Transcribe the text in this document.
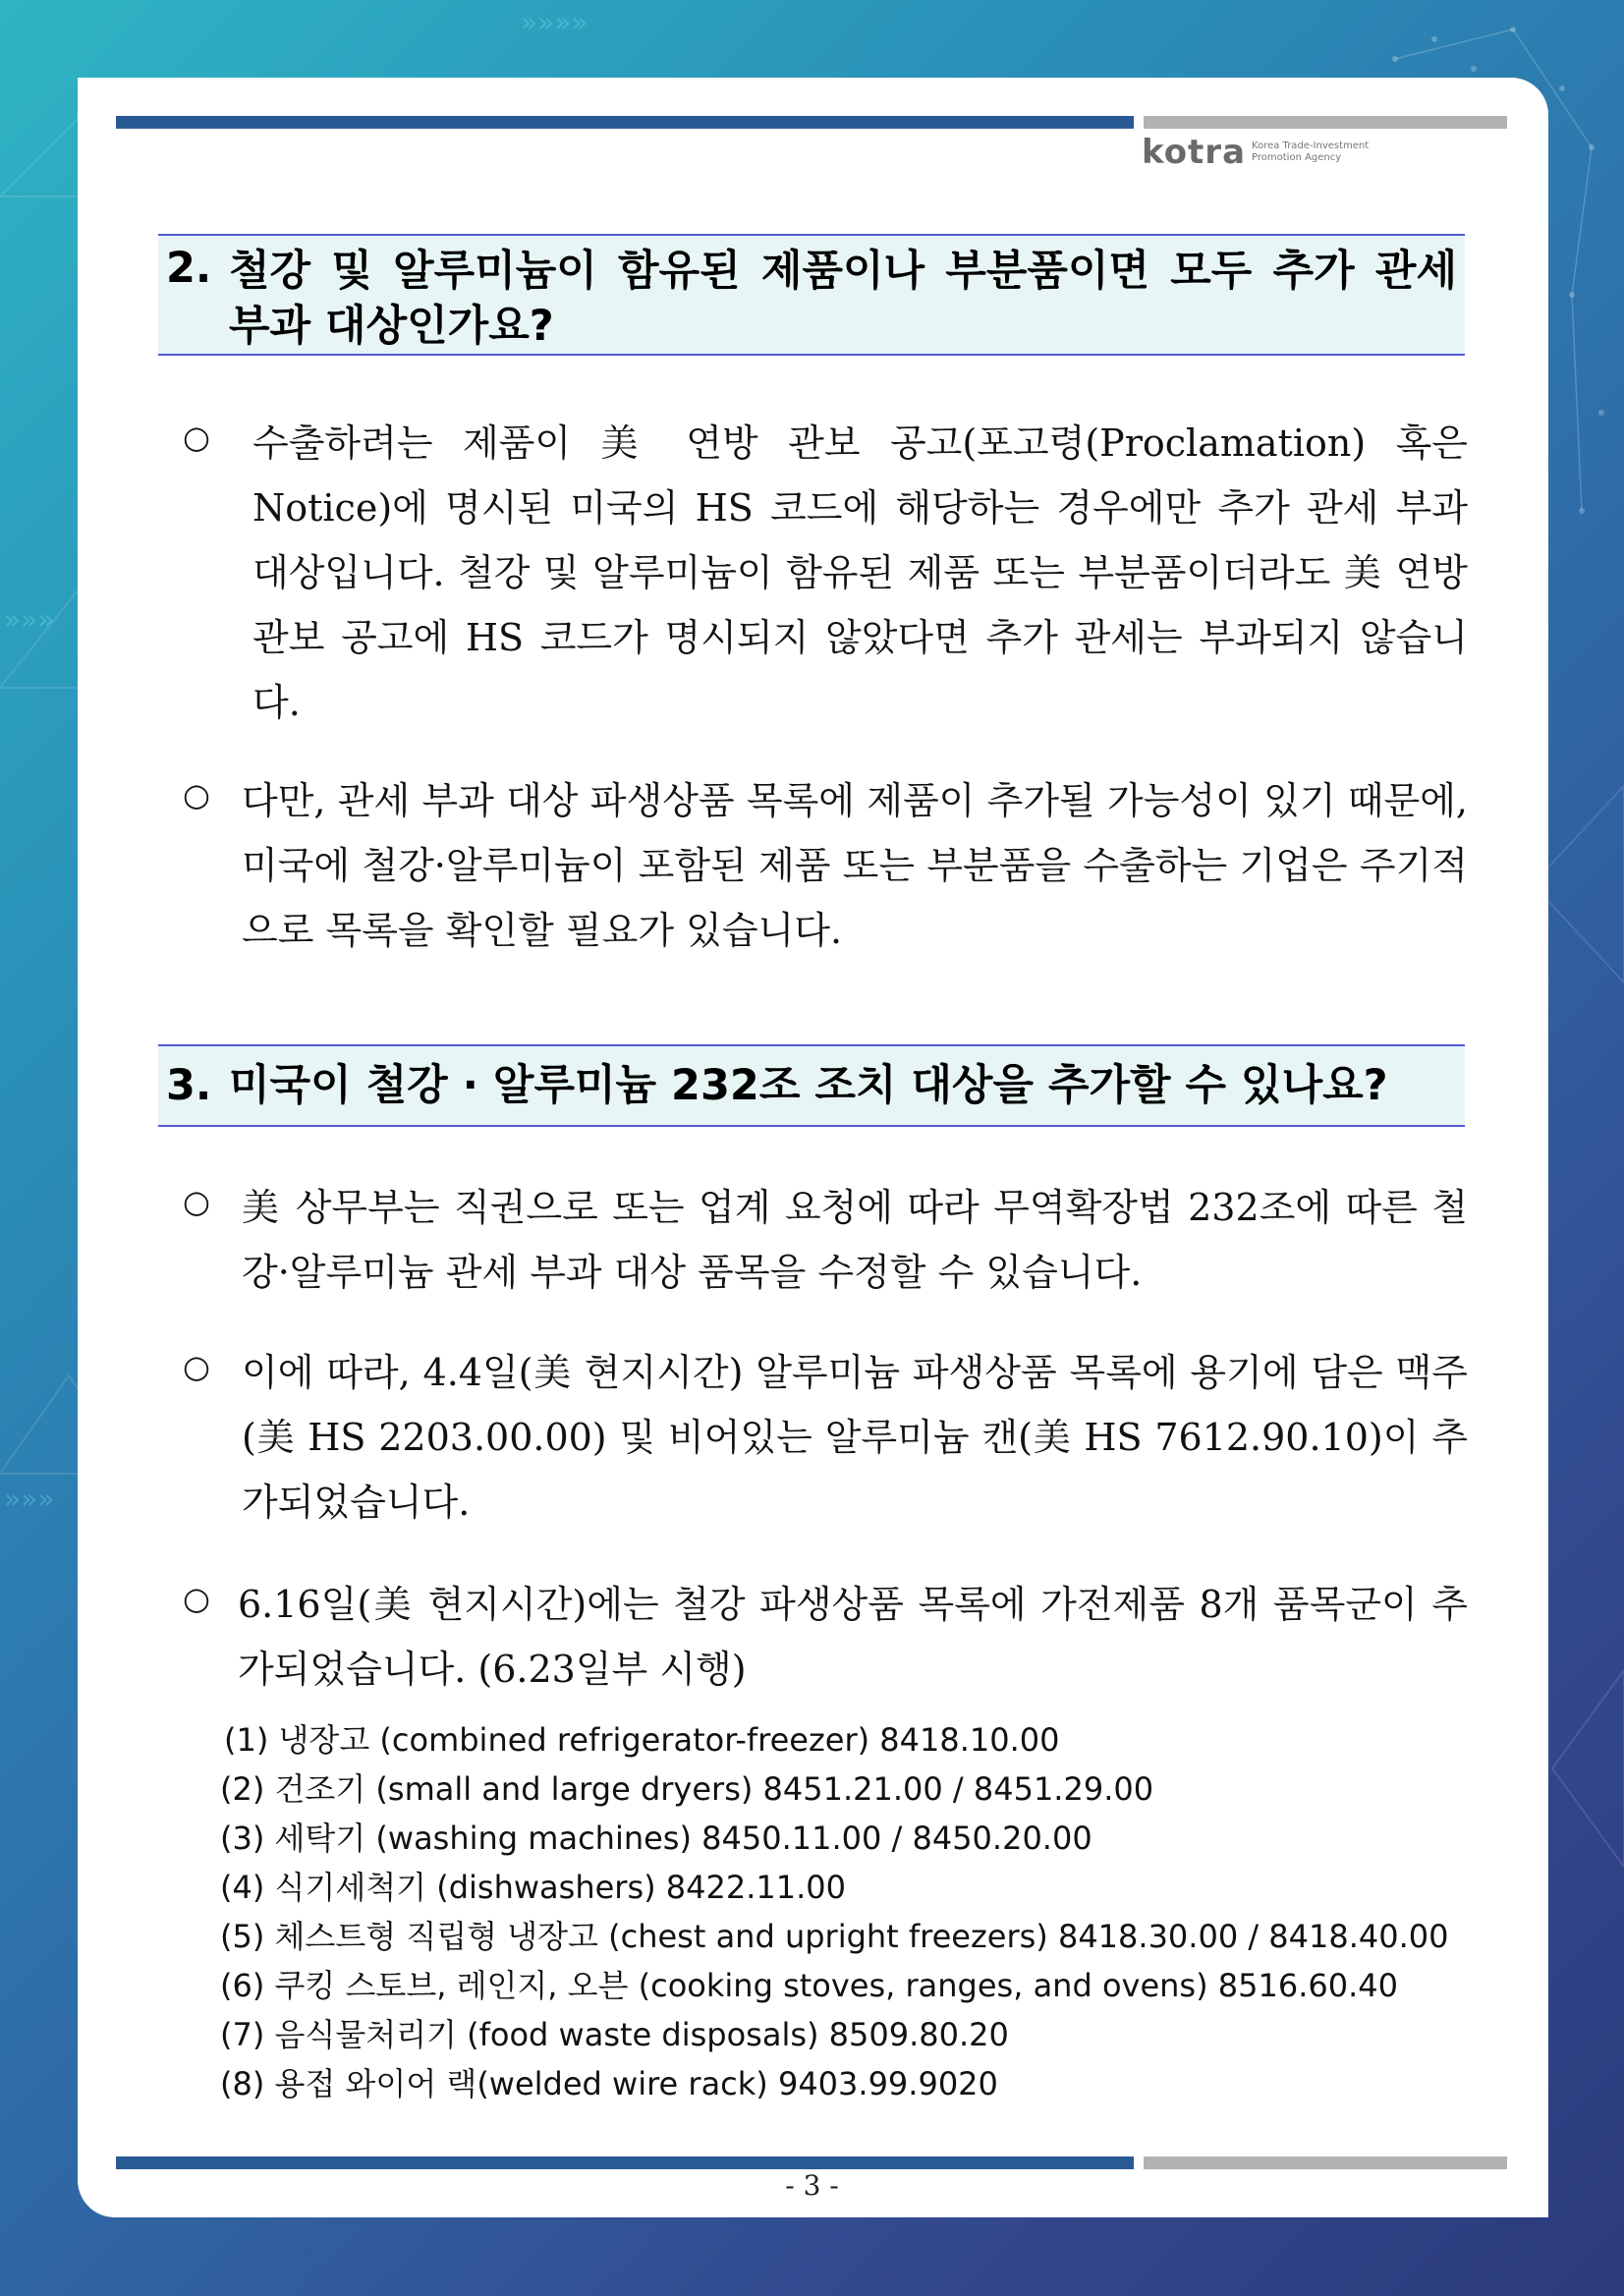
»»»»
»»»
»»»
kotra Korea Trade-Investment
Promotion Agency
2. 철강 및 알루미늄이 함유된 제품이나 부분품이면 모두 추가 관세 부과 대상인가요?
○ 수출하려는 제품이 美 연방 관보 공고(포고령(Proclamation) 혹은 Notice)에 명시된 미국의 HS 코드에 해당하는 경우에만 추가 관세 부과 대상입니다. 철강 및 알루미늄이 함유된 제품 또는 부분품이더라도 美 연방 관보 공고에 HS 코드가 명시되지 않았다면 추가 관세는 부과되지 않습니다.
○ 다만, 관세 부과 대상 파생상품 목록에 제품이 추가될 가능성이 있기 때문에, 미국에 철강·알루미늄이 포함된 제품 또는 부분품을 수출하는 기업은 주기적으로 목록을 확인할 필요가 있습니다.
3. 미국이 철강 · 알루미늄 232조 조치 대상을 추가할 수 있나요?
○ 美 상무부는 직권으로 또는 업계 요청에 따라 무역확장법 232조에 따른 철강·알루미늄 관세 부과 대상 품목을 수정할 수 있습니다.
○ 이에 따라, 4.4일(美 현지시간) 알루미늄 파생상품 목록에 용기에 담은 맥주(美 HS 2203.00.00) 및 비어있는 알루미늄 캔(美 HS 7612.90.10)이 추가되었습니다.
○ 6.16일(美 현지시간)에는 철강 파생상품 목록에 가전제품 8개 품목군이 추가되었습니다. (6.23일부 시행)
(1) 냉장고 (combined refrigerator-freezer) 8418.10.00
(2) 건조기 (small and large dryers) 8451.21.00 / 8451.29.00
(3) 세탁기 (washing machines) 8450.11.00 / 8450.20.00
(4) 식기세척기 (dishwashers) 8422.11.00
(5) 체스트형 직립형 냉장고 (chest and upright freezers) 8418.30.00 / 8418.40.00
(6) 쿠킹 스토브, 레인지, 오븐 (cooking stoves, ranges, and ovens) 8516.60.40
(7) 음식물처리기 (food waste disposals) 8509.80.20
(8) 용접 와이어 랙(welded wire rack) 9403.99.9020
- 3 -
